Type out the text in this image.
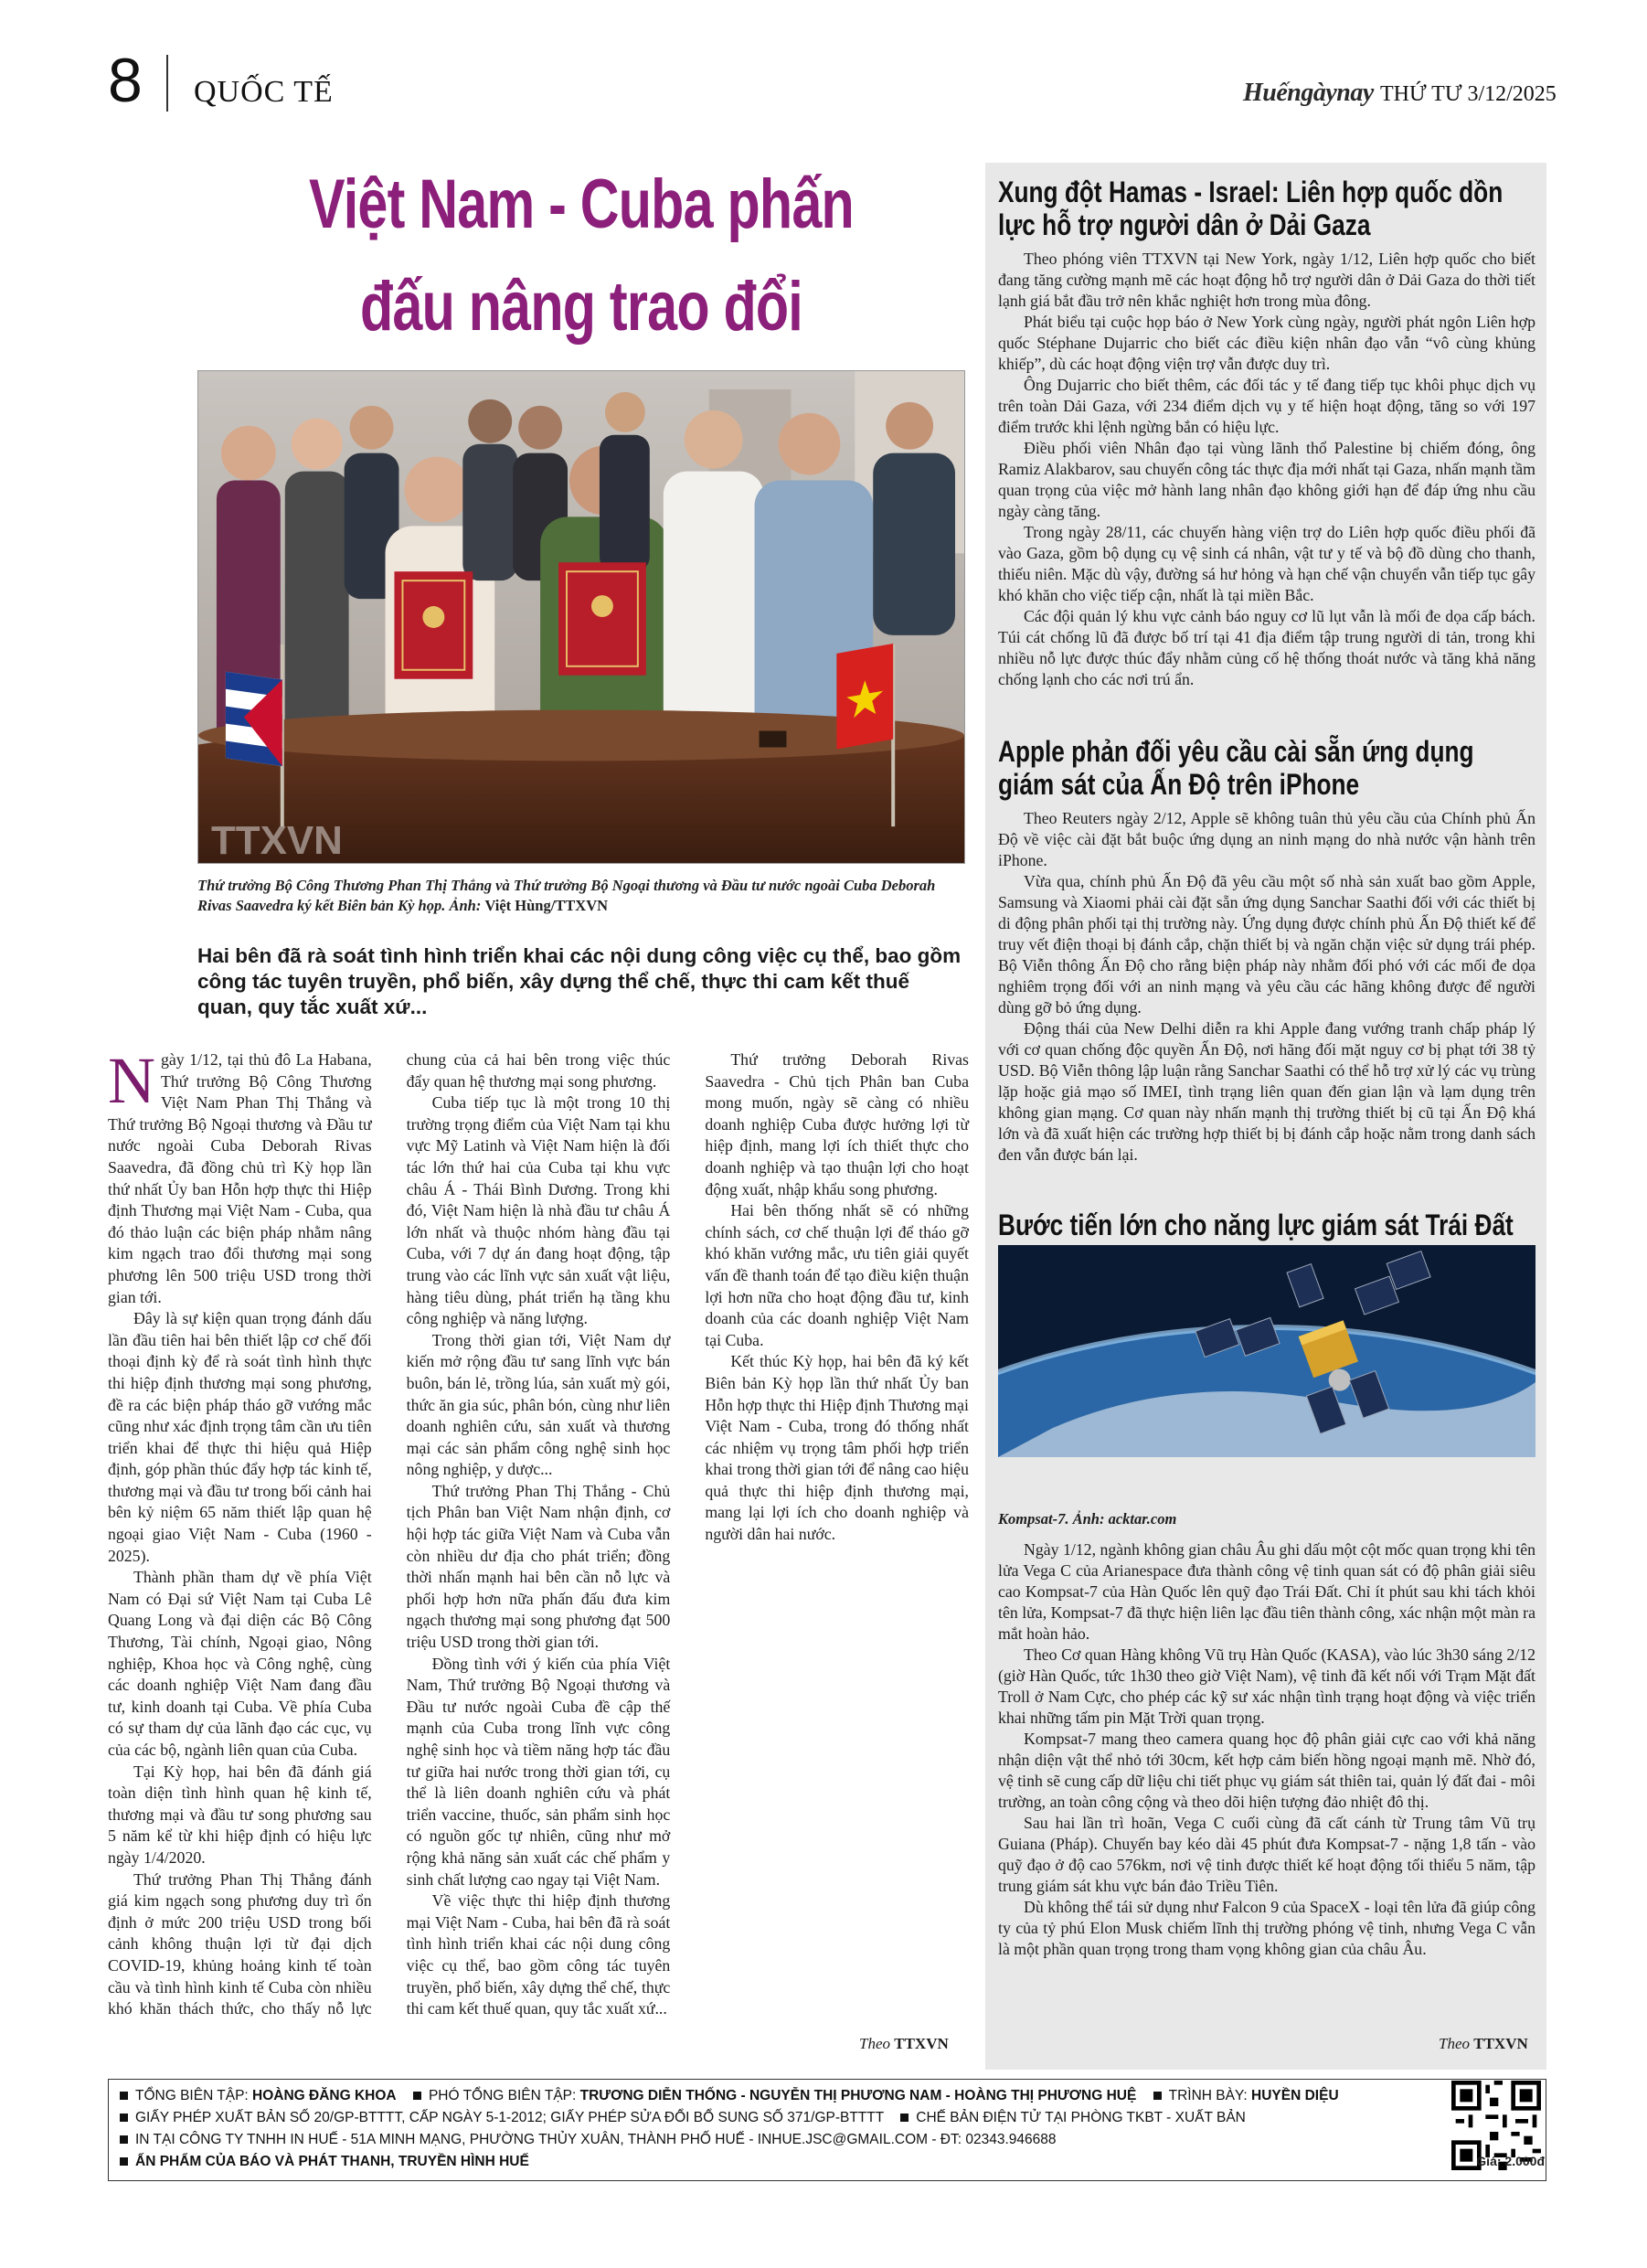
8 QUỐC TẾ	Huếngàynay THỨ TƯ 3/12/2025
Việt Nam - Cuba phấn đấu nâng trao đổi
TTXVN
Thứ trưởng Bộ Công Thương Phan Thị Thắng và Thứ trưởng Bộ Ngoại thương và Đầu tư nước ngoài Cuba Deborah Rivas Saavedra ký kết Biên bản Kỳ họp. Ảnh: Việt Hùng/TTXVN
Hai bên đã rà soát tình hình triển khai các nội dung công việc cụ thể, bao gồm công tác tuyên truyền, phổ biến, xây dựng thể chế, thực thi cam kết thuế quan, quy tắc xuất xứ...

Ngày 1/12, tại thủ đô La Habana, Thứ trưởng Bộ Công Thương Việt Nam Phan Thị Thắng và Thứ trưởng Bộ Ngoại thương và Đầu tư nước ngoài Cuba Deborah Rivas Saavedra, đã đồng chủ trì Kỳ họp lần thứ nhất Ủy ban Hỗn hợp thực thi Hiệp định Thương mại Việt Nam - Cuba, qua đó thảo luận các biện pháp nhằm nâng kim ngạch trao đổi thương mại song phương lên 500 triệu USD trong thời gian tới.

Đây là sự kiện quan trọng đánh dấu lần đầu tiên hai bên thiết lập cơ chế đối thoại định kỳ để rà soát tình hình thực thi hiệp định thương mại song phương, đề ra các biện pháp tháo gỡ vướng mắc cũng như xác định trọng tâm cần ưu tiên triển khai để thực thi hiệu quả Hiệp định, góp phần thúc đẩy hợp tác kinh tế, thương mại và đầu tư trong bối cảnh hai bên kỷ niệm 65 năm thiết lập quan hệ ngoại giao Việt Nam - Cuba (1960 - 2025).

Thành phần tham dự về phía Việt Nam có Đại sứ Việt Nam tại Cuba Lê Quang Long và đại diện các Bộ Công Thương, Tài chính, Ngoại giao, Nông nghiệp, Khoa học và Công nghệ, cùng các doanh nghiệp Việt Nam đang đầu tư, kinh doanh tại Cuba. Về phía Cuba có sự tham dự của lãnh đạo các cục, vụ của các bộ, ngành liên quan của Cuba.

Tại Kỳ họp, hai bên đã đánh giá toàn diện tình hình quan hệ kinh tế, thương mại và đầu tư song phương sau 5 năm kể từ khi hiệp định có hiệu lực ngày 1/4/2020.

Thứ trưởng Phan Thị Thắng đánh giá kim ngạch song phương duy trì ổn định ở mức 200 triệu USD trong bối cảnh không thuận lợi từ đại dịch COVID-19, khủng hoảng kinh tế toàn cầu và tình hình kinh tế Cuba còn nhiều khó khăn thách thức, cho thấy nỗ lực chung của cả hai bên trong việc thúc đẩy quan hệ thương mại song phương.

Cuba tiếp tục là một trong 10 thị trường trọng điểm của Việt Nam tại khu vực Mỹ Latinh và Việt Nam hiện là đối tác lớn thứ hai của Cuba tại khu vực châu Á - Thái Bình Dương. Trong khi đó, Việt Nam hiện là nhà đầu tư châu Á lớn nhất và thuộc nhóm hàng đầu tại Cuba, với 7 dự án đang hoạt động, tập trung vào các lĩnh vực sản xuất vật liệu, hàng tiêu dùng, phát triển hạ tầng khu công nghiệp và năng lượng.

Trong thời gian tới, Việt Nam dự kiến mở rộng đầu tư sang lĩnh vực bán buôn, bán lẻ, trồng lúa, sản xuất mỳ gói, thức ăn gia súc, phân bón, cùng như liên doanh nghiên cứu, sản xuất và thương mại các sản phẩm công nghệ sinh học nông nghiệp, y dược...

Thứ trưởng Phan Thị Thắng - Chủ tịch Phân ban Việt Nam nhận định, cơ hội hợp tác giữa Việt Nam và Cuba vẫn còn nhiều dư địa cho phát triển; đồng thời nhấn mạnh hai bên cần nỗ lực và phối hợp hơn nữa phấn đấu đưa kim ngạch thương mại song phương đạt 500 triệu USD trong thời gian tới.

Đồng tình với ý kiến của phía Việt Nam, Thứ trưởng Bộ Ngoại thương và Đầu tư nước ngoài Cuba đề cập thế mạnh của Cuba trong lĩnh vực công nghệ sinh học và tiềm năng hợp tác đầu tư giữa hai nước trong thời gian tới, cụ thể là liên doanh nghiên cứu và phát triển vaccine, thuốc, sản phẩm sinh học có nguồn gốc tự nhiên, cũng như mở rộng khả năng sản xuất các chế phẩm y sinh chất lượng cao ngay tại Việt Nam.

Về việc thực thi hiệp định thương mại Việt Nam - Cuba, hai bên đã rà soát tình hình triển khai các nội dung công việc cụ thể, bao gồm công tác tuyên truyền, phổ biến, xây dựng thể chế, thực thi cam kết thuế quan, quy tắc xuất xứ...

Thứ trưởng Deborah Rivas Saavedra - Chủ tịch Phân ban Cuba mong muốn, ngày sẽ càng có nhiều doanh nghiệp Cuba được hưởng lợi từ hiệp định, mang lợi ích thiết thực cho doanh nghiệp và tạo thuận lợi cho hoạt động xuất, nhập khẩu song phương.

Hai bên thống nhất sẽ có những chính sách, cơ chế thuận lợi để tháo gỡ khó khăn vướng mắc, ưu tiên giải quyết vấn đề thanh toán để tạo điều kiện thuận lợi hơn nữa cho hoạt động đầu tư, kinh doanh của các doanh nghiệp Việt Nam tại Cuba.

Kết thúc Kỳ họp, hai bên đã ký kết Biên bản Kỳ họp lần thứ nhất Ủy ban Hỗn hợp thực thi Hiệp định Thương mại Việt Nam - Cuba, trong đó thống nhất các nhiệm vụ trọng tâm phối hợp triển khai trong thời gian tới để nâng cao hiệu quả thực thi hiệp định thương mại, mang lại lợi ích cho doanh nghiệp và người dân hai nước.

Theo TTXVN
Xung đột Hamas - Israel: Liên hợp quốc dồn lực hỗ trợ người dân ở Dải Gaza

Theo phóng viên TTXVN tại New York, ngày 1/12, Liên hợp quốc cho biết đang tăng cường mạnh mẽ các hoạt động hỗ trợ người dân ở Dải Gaza do thời tiết lạnh giá bắt đầu trở nên khắc nghiệt hơn trong mùa đông.

Phát biểu tại cuộc họp báo ở New York cùng ngày, người phát ngôn Liên hợp quốc Stéphane Dujarric cho biết các điều kiện nhân đạo vẫn “vô cùng khủng khiếp”, dù các hoạt động viện trợ vẫn được duy trì.

Ông Dujarric cho biết thêm, các đối tác y tế đang tiếp tục khôi phục dịch vụ trên toàn Dải Gaza, với 234 điểm dịch vụ y tế hiện hoạt động, tăng so với 197 điểm trước khi lệnh ngừng bắn có hiệu lực.

Điều phối viên Nhân đạo tại vùng lãnh thổ Palestine bị chiếm đóng, ông Ramiz Alakbarov, sau chuyến công tác thực địa mới nhất tại Gaza, nhấn mạnh tầm quan trọng của việc mở hành lang nhân đạo không giới hạn để đáp ứng nhu cầu ngày càng tăng.

Trong ngày 28/11, các chuyến hàng viện trợ do Liên hợp quốc điều phối đã vào Gaza, gồm bộ dụng cụ vệ sinh cá nhân, vật tư y tế và bộ đồ dùng cho thanh, thiếu niên. Mặc dù vậy, đường sá hư hỏng và hạn chế vận chuyển vẫn tiếp tục gây khó khăn cho việc tiếp cận, nhất là tại miền Bắc.

Các đội quản lý khu vực cảnh báo nguy cơ lũ lụt vẫn là mối đe dọa cấp bách. Túi cát chống lũ đã được bố trí tại 41 địa điểm tập trung người di tản, trong khi nhiều nỗ lực được thúc đẩy nhằm củng cố hệ thống thoát nước và tăng khả năng chống lạnh cho các nơi trú ẩn.

Apple phản đối yêu cầu cài sẵn ứng dụng giám sát của Ấn Độ trên iPhone

Theo Reuters ngày 2/12, Apple sẽ không tuân thủ yêu cầu của Chính phủ Ấn Độ về việc cài đặt bắt buộc ứng dụng an ninh mạng do nhà nước vận hành trên iPhone.

Vừa qua, chính phủ Ấn Độ đã yêu cầu một số nhà sản xuất bao gồm Apple, Samsung và Xiaomi phải cài đặt sẵn ứng dụng Sanchar Saathi đối với các thiết bị di động phân phối tại thị trường này. Ứng dụng được chính phủ Ấn Độ thiết kế để truy vết điện thoại bị đánh cắp, chặn thiết bị và ngăn chặn việc sử dụng trái phép. Bộ Viễn thông Ấn Độ cho rằng biện pháp này nhằm đối phó với các mối đe dọa nghiêm trọng đối với an ninh mạng và yêu cầu các hãng không được để người dùng gỡ bỏ ứng dụng.

Động thái của New Delhi diễn ra khi Apple đang vướng tranh chấp pháp lý với cơ quan chống độc quyền Ấn Độ, nơi hãng đối mặt nguy cơ bị phạt tới 38 tỷ USD. Bộ Viễn thông lập luận rằng Sanchar Saathi có thể hỗ trợ xử lý các vụ trùng lặp hoặc giả mạo số IMEI, tình trạng liên quan đến gian lận và lạm dụng trên không gian mạng. Cơ quan này nhấn mạnh thị trường thiết bị cũ tại Ấn Độ khá lớn và đã xuất hiện các trường hợp thiết bị bị đánh cắp hoặc nằm trong danh sách đen vẫn được bán lại.

Bước tiến lớn cho năng lực giám sát Trái Đất
Kompsat-7. Ảnh: acktar.com

Ngày 1/12, ngành không gian châu Âu ghi dấu một cột mốc quan trọng khi tên lửa Vega C của Arianespace đưa thành công vệ tinh quan sát có độ phân giải siêu cao Kompsat-7 của Hàn Quốc lên quỹ đạo Trái Đất. Chỉ ít phút sau khi tách khỏi tên lửa, Kompsat-7 đã thực hiện liên lạc đầu tiên thành công, xác nhận một màn ra mắt hoàn hảo.

Theo Cơ quan Hàng không Vũ trụ Hàn Quốc (KASA), vào lúc 3h30 sáng 2/12 (giờ Hàn Quốc, tức 1h30 theo giờ Việt Nam), vệ tinh đã kết nối với Trạm Mặt đất Troll ở Nam Cực, cho phép các kỹ sư xác nhận tình trạng hoạt động và việc triển khai những tấm pin Mặt Trời quan trọng.

Kompsat-7 mang theo camera quang học độ phân giải cực cao với khả năng nhận diện vật thể nhỏ tới 30cm, kết hợp cảm biến hồng ngoại mạnh mẽ. Nhờ đó, vệ tinh sẽ cung cấp dữ liệu chi tiết phục vụ giám sát thiên tai, quản lý đất đai - môi trường, an toàn công cộng và theo dõi hiện tượng đảo nhiệt đô thị.

Sau hai lần trì hoãn, Vega C cuối cùng đã cất cánh từ Trung tâm Vũ trụ Guiana (Pháp). Chuyến bay kéo dài 45 phút đưa Kompsat-7 - nặng 1,8 tấn - vào quỹ đạo ở độ cao 576km, nơi vệ tinh được thiết kế hoạt động tối thiểu 5 năm, tập trung giám sát khu vực bán đảo Triều Tiên.

Dù không thể tái sử dụng như Falcon 9 của SpaceX - loại tên lửa đã giúp công ty của tỷ phú Elon Musk chiếm lĩnh thị trường phóng vệ tinh, nhưng Vega C vẫn là một phần quan trọng trong tham vọng không gian của châu Âu.

Theo TTXVN
TỔNG BIÊN TẬP: HOÀNG ĐĂNG KHOA PHÓ TỔNG BIÊN TẬP: TRƯƠNG DIỄN THỐNG - NGUYỄN THỊ PHƯƠNG NAM - HOÀNG THỊ PHƯƠNG HUỆ TRÌNH BÀY: HUYỀN DIỆU
GIẤY PHÉP XUẤT BẢN SỐ 20/GP-BTTTT, CẤP NGÀY 5-1-2012; GIẤY PHÉP SỬA ĐỔI BỔ SUNG SỐ 371/GP-BTTTT CHẾ BẢN ĐIỆN TỬ TẠI PHÒNG TKBT - XUẤT BẢN
IN TẠI CÔNG TY TNHH IN HUẾ - 51A MINH MẠNG, PHƯỜNG THỦY XUÂN, THÀNH PHỐ HUẾ - INHUE.JSC@GMAIL.COM - ĐT: 02343.946688
ẤN PHẨM CỦA BÁO VÀ PHÁT THANH, TRUYỀN HÌNH HUẾ	Giá: 2.000đ
